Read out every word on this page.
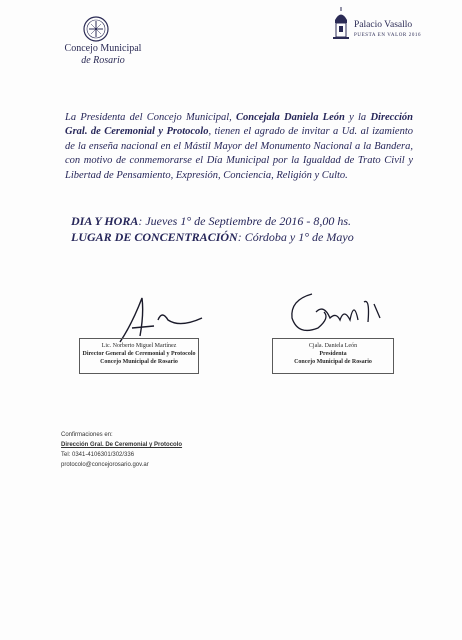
Concejo Municipal
de Rosario
Palacio Vasallo
PUESTA EN VALOR 2016
La Presidenta del Concejo Municipal, Concejala Daniela León y la Dirección Gral. de Ceremonial y Protocolo, tienen el agrado de invitar a Ud. al izamiento de la enseña nacional en el Mástil Mayor del Monumento Nacional a la Bandera, con motivo de conmemorarse el Día Municipal por la Igualdad de Trato Civil y Libertad de Pensamiento, Expresión, Conciencia, Religión y Culto.
DIA Y HORA: Jueves 1° de Septiembre de 2016 - 8,00 hs.
LUGAR DE CONCENTRACIÓN: Córdoba y 1° de Mayo
Lic. Norberto Miguel Martínez
Director General de Ceremonial y Protocolo
Concejo Municipal de Rosario
Cjala. Daniela León
Presidenta
Concejo Municipal de Rosario
Confirmaciones en:
Dirección Gral. De Ceremonial y Protocolo
Tel: 0341-4106301/302/336
protocolo@concejorosario.gov.ar
